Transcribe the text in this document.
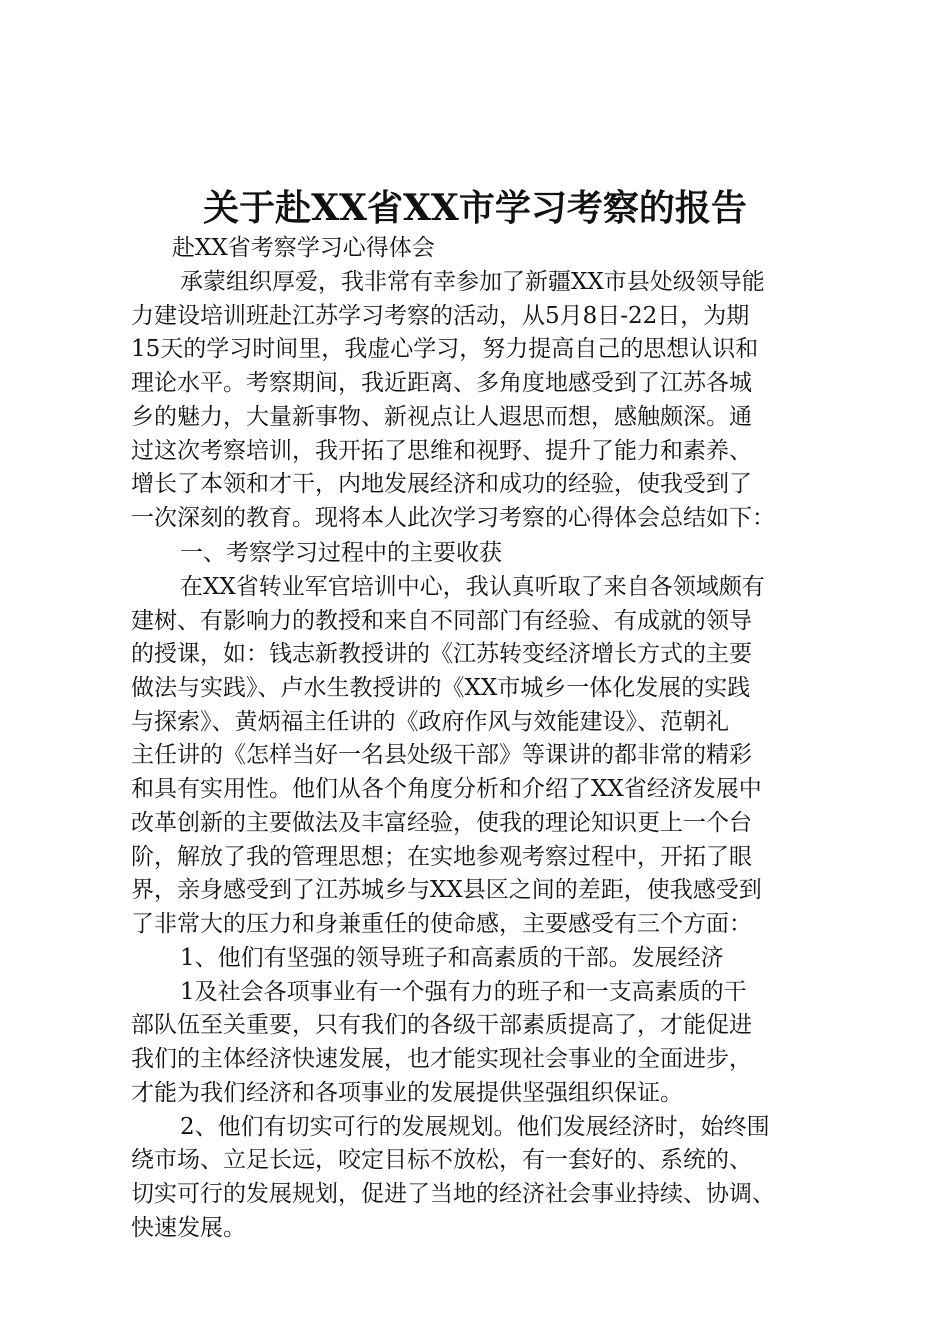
关于赴XX省XX市学习考察的报告
赴XX省考察学习心得体会
承蒙组织厚爱，我非常有幸参加了新疆XX市县处级领导能
力建设培训班赴江苏学习考察的活动，从5月8日-22日，为期
15天的学习时间里，我虚心学习，努力提高自己的思想认识和
理论水平。考察期间，我近距离、多角度地感受到了江苏各城
乡的魅力，大量新事物、新视点让人遐思而想，感触颇深。通
过这次考察培训，我开拓了思维和视野、提升了能力和素养、
增长了本领和才干，内地发展经济和成功的经验，使我受到了
一次深刻的教育。现将本人此次学习考察的心得体会总结如下：
一、考察学习过程中的主要收获
在XX省转业军官培训中心，我认真听取了来自各领域颇有
建树、有影响力的教授和来自不同部门有经验、有成就的领导
的授课，如：钱志新教授讲的《江苏转变经济增长方式的主要
做法与实践》、卢水生教授讲的《XX市城乡一体化发展的实践
与探索》、黄炳福主任讲的《政府作风与效能建设》、范朝礼
主任讲的《怎样当好一名县处级干部》等课讲的都非常的精彩
和具有实用性。他们从各个角度分析和介绍了XX省经济发展中
改革创新的主要做法及丰富经验，使我的理论知识更上一个台
阶，解放了我的管理思想；在实地参观考察过程中，开拓了眼
界，亲身感受到了江苏城乡与XX县区之间的差距，使我感受到
了非常大的压力和身兼重任的使命感，主要感受有三个方面：
1、他们有坚强的领导班子和高素质的干部。发展经济
1及社会各项事业有一个强有力的班子和一支高素质的干
部队伍至关重要，只有我们的各级干部素质提高了，才能促进
我们的主体经济快速发展，也才能实现社会事业的全面进步，
才能为我们经济和各项事业的发展提供坚强组织保证。
2、他们有切实可行的发展规划。他们发展经济时，始终围
绕市场、立足长远，咬定目标不放松，有一套好的、系统的、
切实可行的发展规划，促进了当地的经济社会事业持续、协调、
快速发展。
